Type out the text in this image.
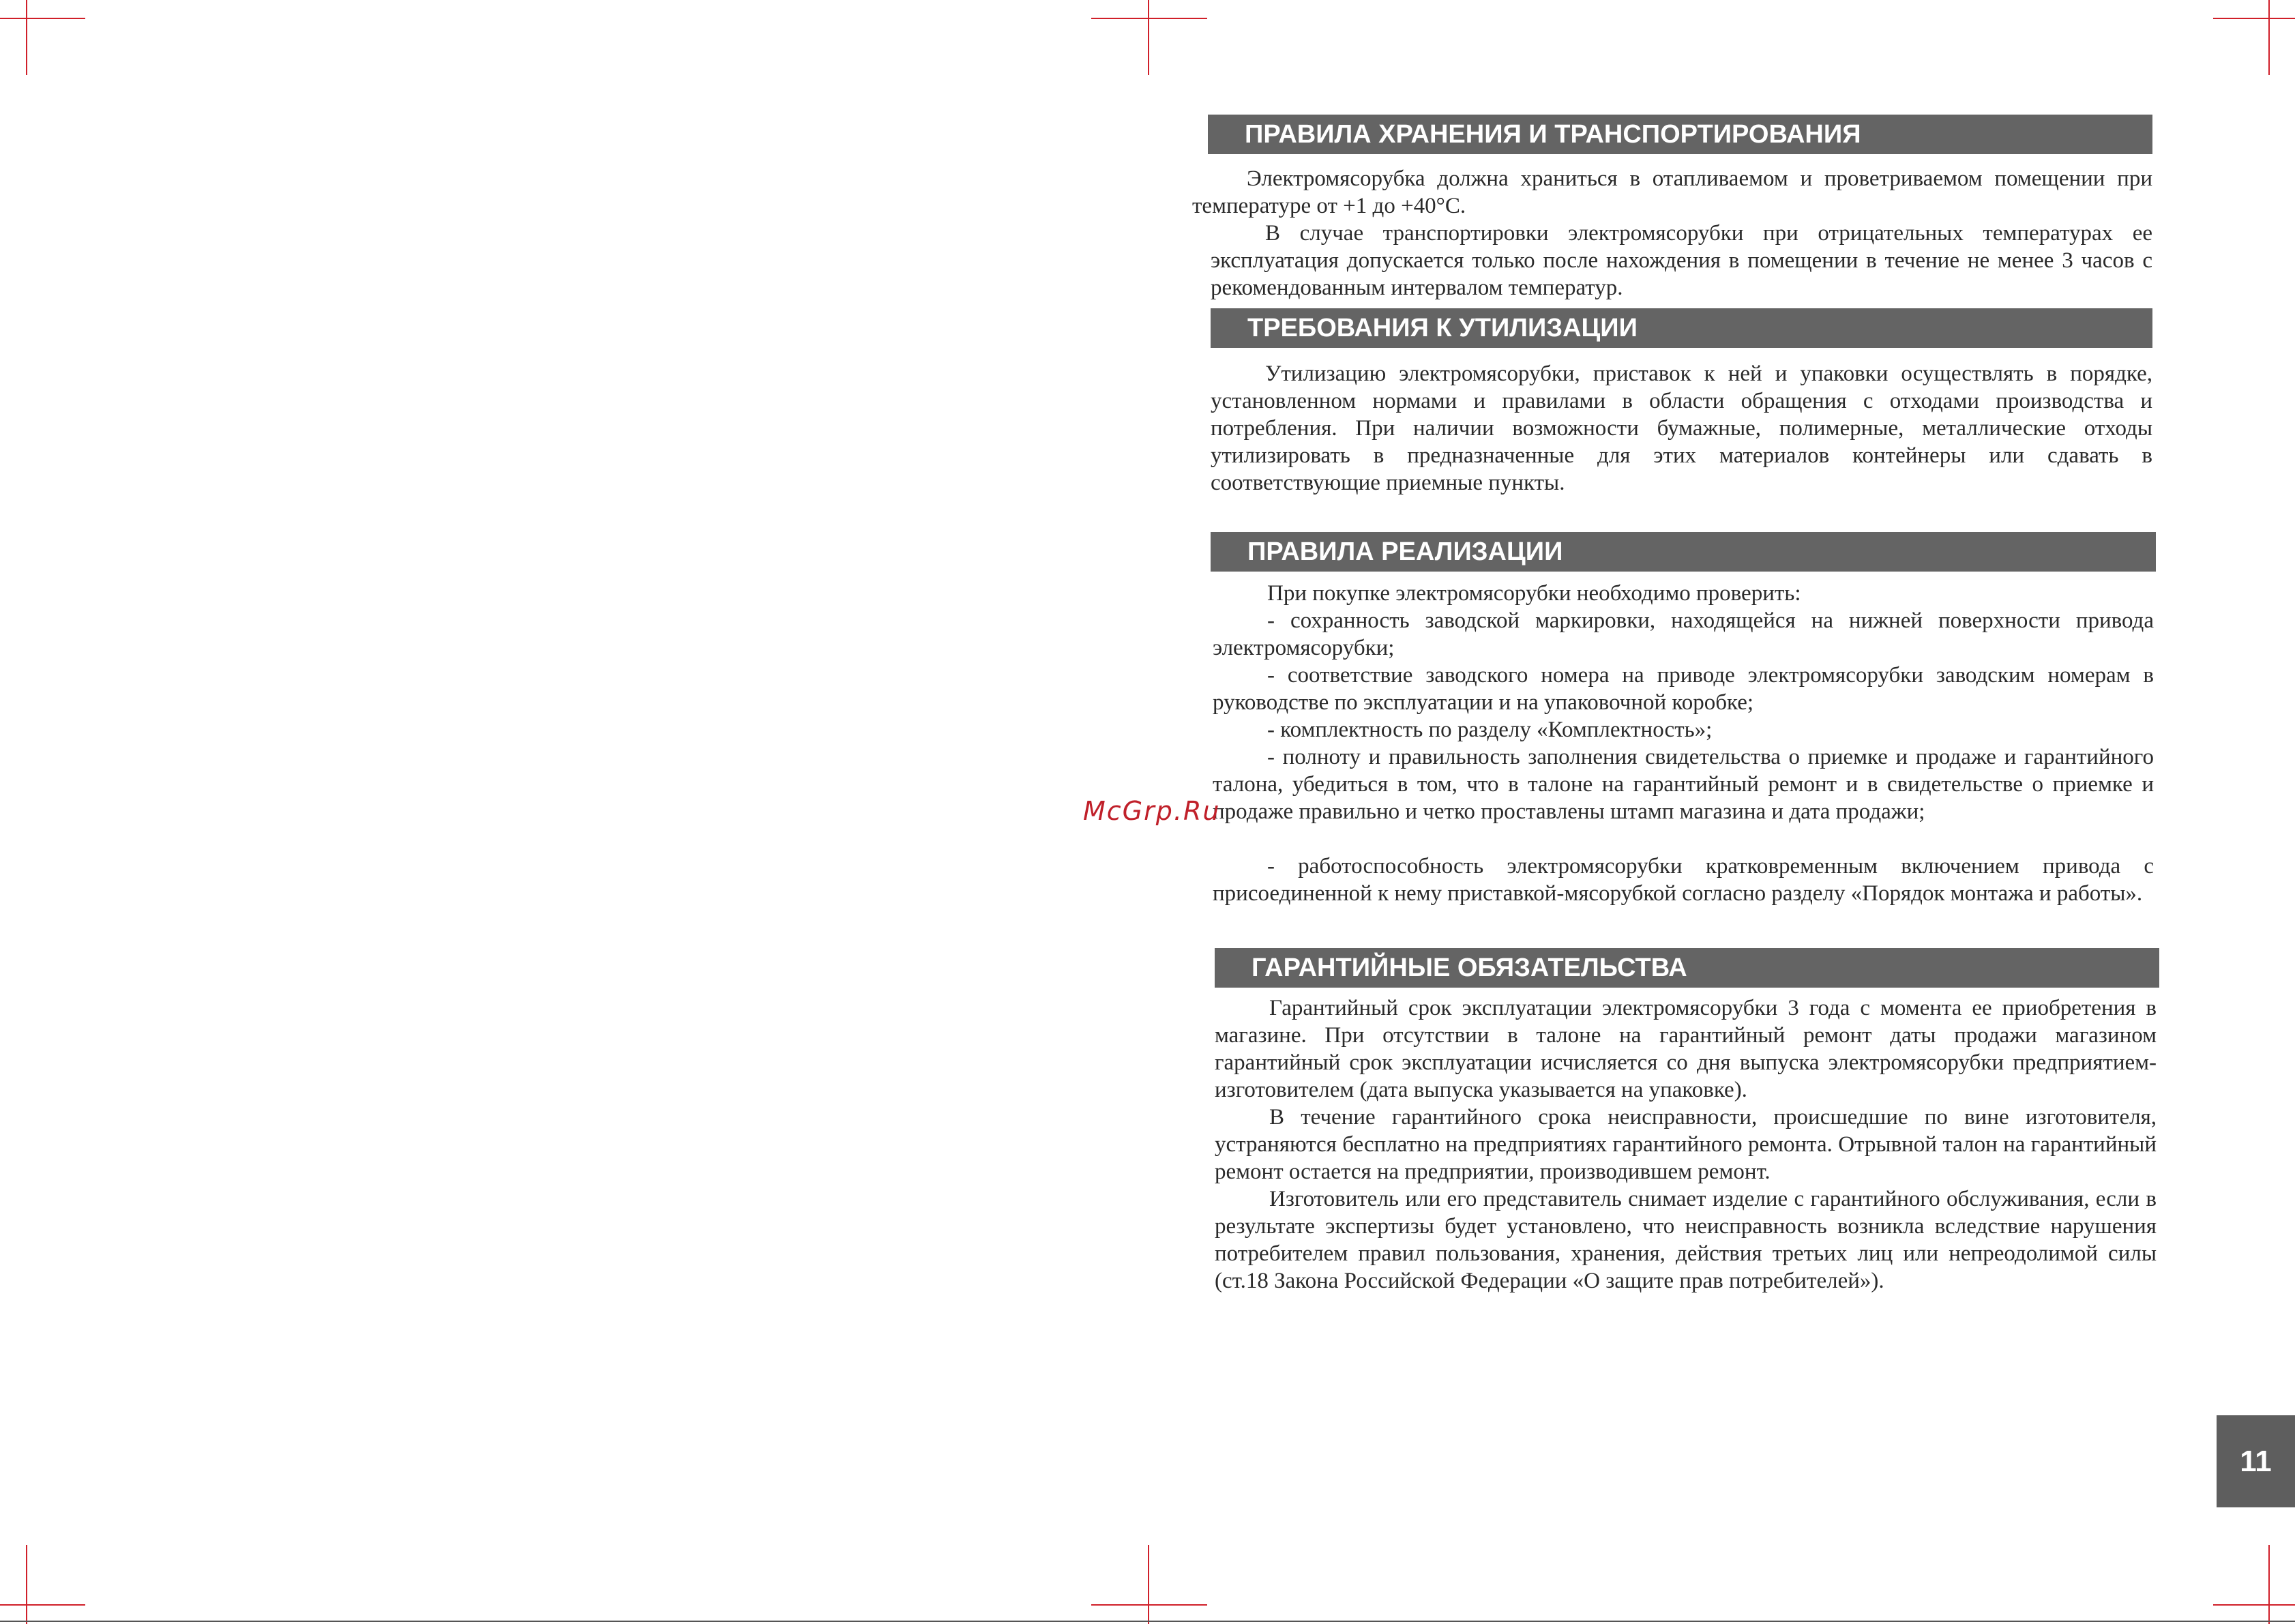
ПРАВИЛА ХРАНЕНИЯ И ТРАНСПОРТИРОВАНИЯ

Электромясорубка должна храниться в отапливаемом и проветриваемом помещении при температуре от +1 до +40°С.

В случае транспортировки электромясорубки при отрицательных температурах ее эксплуатация допускается только после нахождения в помещении в течение не менее 3 часов с рекомендованным интервалом температур.

ТРЕБОВАНИЯ К УТИЛИЗАЦИИ

Утилизацию электромясорубки, приставок к ней и упаковки осуществлять в порядке, установленном нормами и правилами в области обращения с отходами производства и потребления. При наличии возможности бумажные, полимерные, металлические отходы утилизировать в предназначенные для этих материалов контейнеры или сдавать в соответствующие приемные пункты.

ПРАВИЛА РЕАЛИЗАЦИИ

При покупке электромясорубки необходимо проверить:

- сохранность заводской маркировки, находящейся на нижней поверхности привода электромясорубки;

- соответствие заводского номера на приводе электромясорубки заводским номерам в руководстве по эксплуатации и на упаковочной коробке;

- комплектность по разделу «Комплектность»;

- полноту и правильность заполнения свидетельства о приемке и продаже и гарантийного талона, убедиться в том, что в талоне на гарантийный ремонт и в свидетельстве о приемке и продаже правильно и четко проставлены штамп магазина и дата продажи;

- работоспособность электромясорубки кратковременным включением привода с присоединенной к нему приставкой-мясорубкой согласно разделу «Порядок монтажа и работы».

ГАРАНТИЙНЫЕ ОБЯЗАТЕЛЬСТВА

Гарантийный срок эксплуатации электромясорубки 3 года с момента ее приобретения в магазине. При отсутствии в талоне на гарантийный ремонт даты продажи магазином гарантийный срок эксплуатации исчисляется со дня выпуска электромясорубки предприятием-изготовителем (дата выпуска указывается на упаковке).

В течение гарантийного срока неисправности, происшедшие по вине изготовителя, устраняются бесплатно на предприятиях гарантийного ремонта. Отрывной талон на гарантийный ремонт остается на предприятии, производившем ремонт.

Изготовитель или его представитель снимает изделие с гарантийного обслуживания, если в результате экспертизы будет установлено, что неисправность возникла вследствие нарушения потребителем правил пользования, хранения, действия третьих лиц или непреодолимой силы (ст.18 Закона Российской Федерации «О защите прав потребителей»).

McGrp.Ru
11
